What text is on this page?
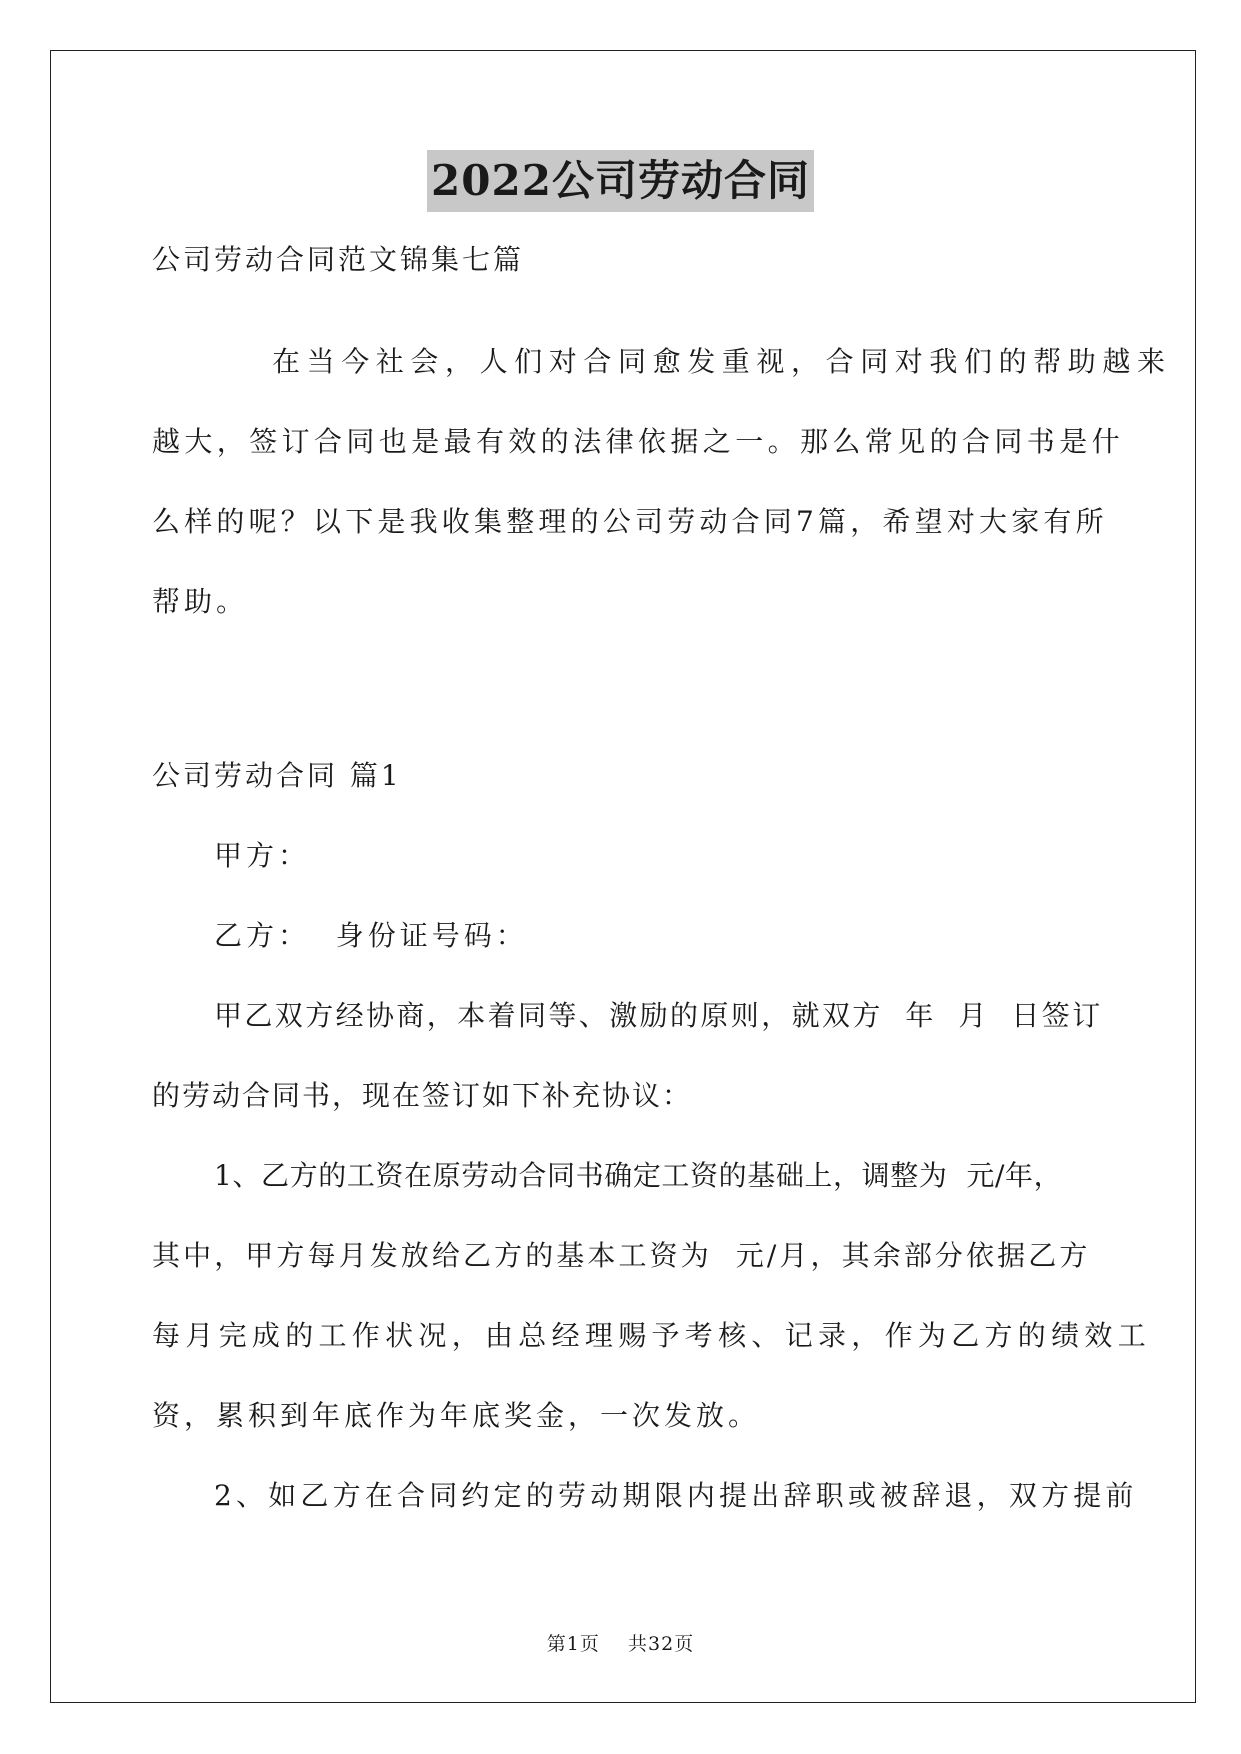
2022公司劳动合同
公司劳动合同范文锦集七篇
在当今社会，人们对合同愈发重视，合同对我们的帮助越来
越大，签订合同也是最有效的法律依据之一。那么常见的合同书是什
么样的呢？以下是我收集整理的公司劳动合同7篇，希望对大家有所
帮助。
公司劳动合同 篇1
甲方：
乙方：  身份证号码：
甲乙双方经协商，本着同等、激励的原则，就双方  年  月  日签订
的劳动合同书，现在签订如下补充协议：
1、乙方的工资在原劳动合同书确定工资的基础上，调整为  元/年，
其中，甲方每月发放给乙方的基本工资为  元/月，其余部分依据乙方
每月完成的工作状况，由总经理赐予考核、记录，作为乙方的绩效工
资，累积到年底作为年底奖金，一次发放。
2、如乙方在合同约定的劳动期限内提出辞职或被辞退，双方提前
第1页    共32页
